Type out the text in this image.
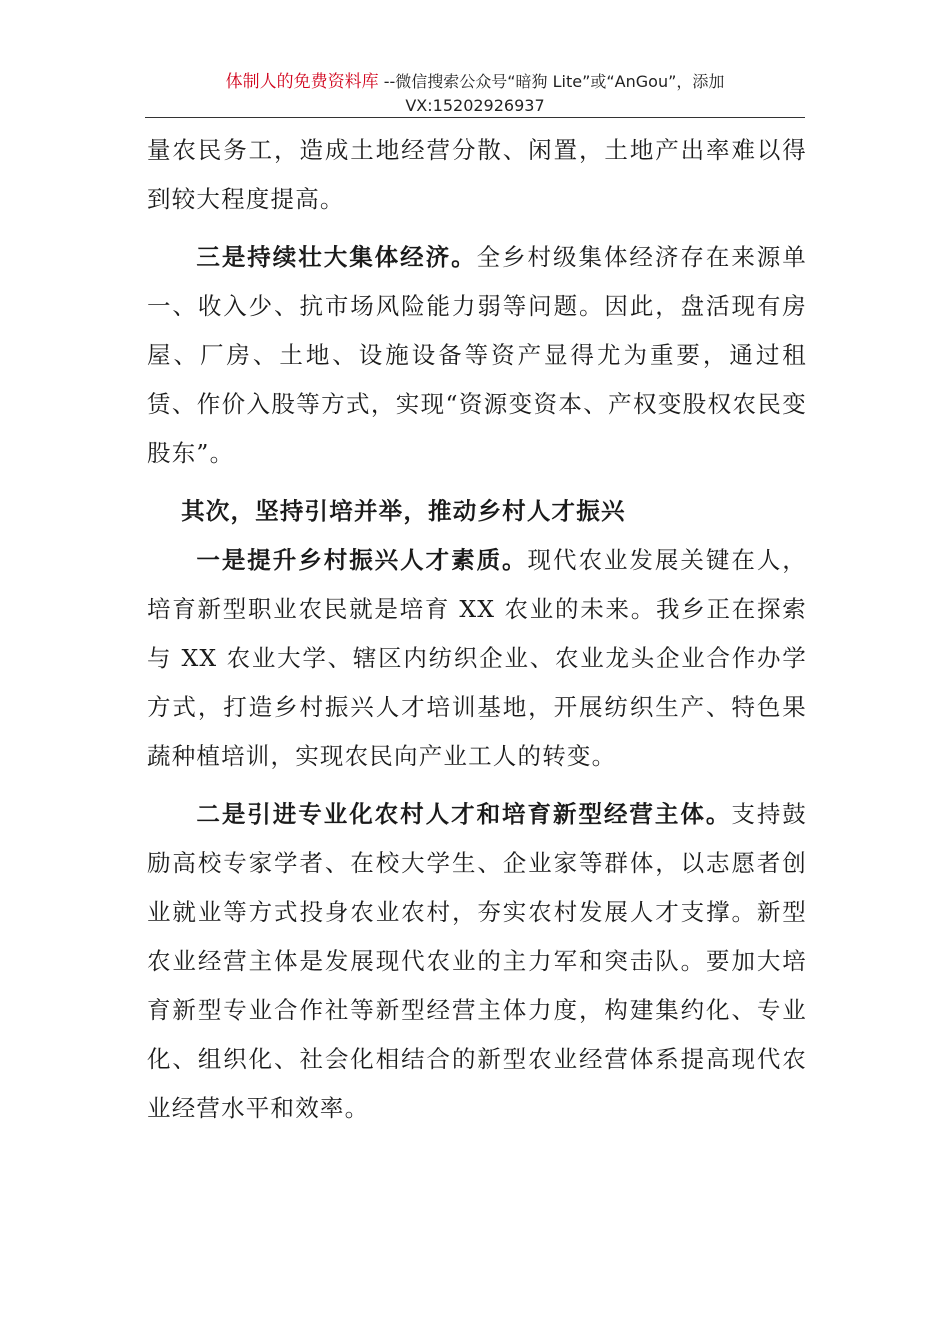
体制人的免费资料库 --微信搜索公众号“暗狗 Lite”或“AnGou”，添加
VX:15202926937

量农民务工，造成土地经营分散、闲置，土地产出率难以得到较大程度提高。

三是持续壮大集体经济。全乡村级集体经济存在来源单一、收入少、抗市场风险能力弱等问题。因此，盘活现有房屋、厂房、土地、设施设备等资产显得尤为重要，通过租赁、作价入股等方式，实现“资源变资本、产权变股权农民变股东”。

其次，坚持引培并举，推动乡村人才振兴

一是提升乡村振兴人才素质。现代农业发展关键在人，培育新型职业农民就是培育 XX 农业的未来。我乡正在探索与 XX 农业大学、辖区内纺织企业、农业龙头企业合作办学方式，打造乡村振兴人才培训基地，开展纺织生产、特色果蔬种植培训，实现农民向产业工人的转变。

二是引进专业化农村人才和培育新型经营主体。支持鼓励高校专家学者、在校大学生、企业家等群体，以志愿者创业就业等方式投身农业农村，夯实农村发展人才支撑。新型农业经营主体是发展现代农业的主力军和突击队。要加大培育新型专业合作社等新型经营主体力度，构建集约化、专业化、组织化、社会化相结合的新型农业经营体系提高现代农业经营水平和效率。
